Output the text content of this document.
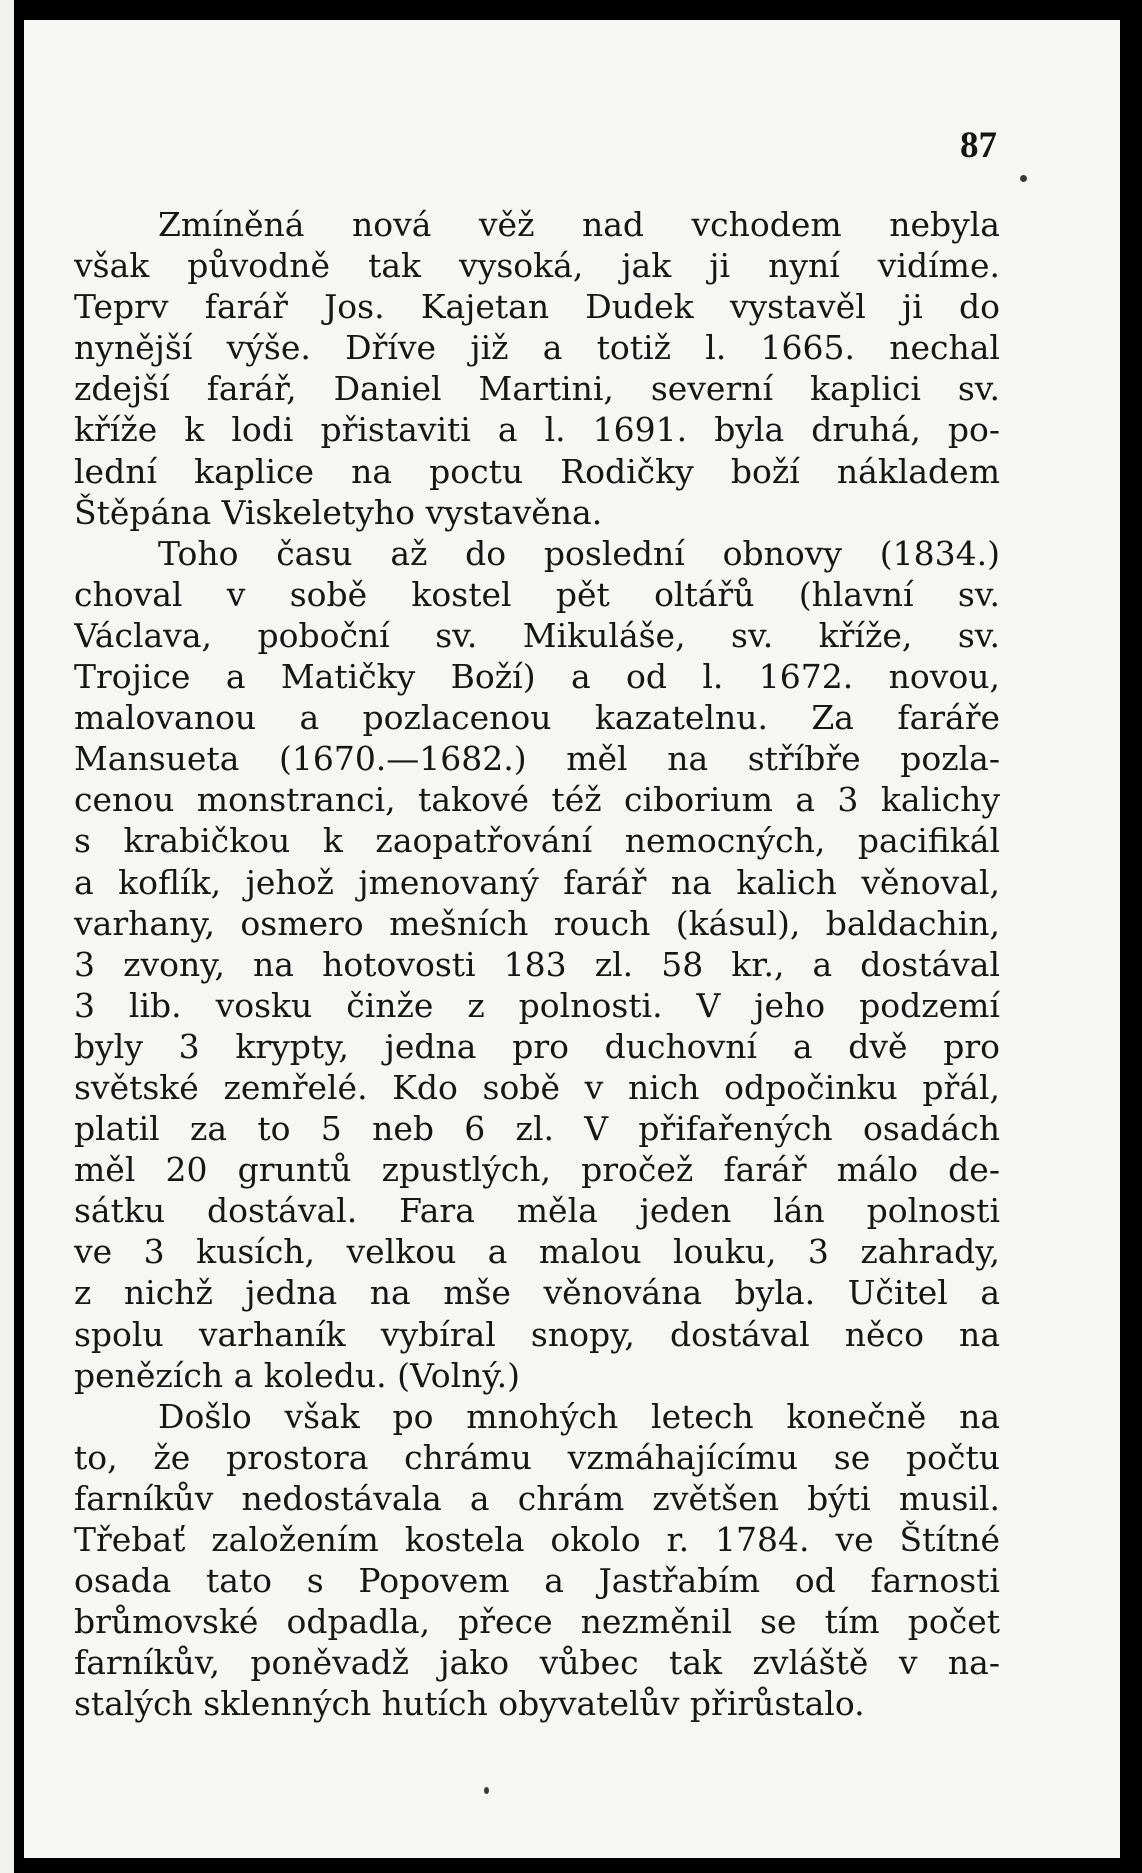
87
Zmíněná nová věž nad vchodem nebyla
však původně tak vysoká, jak ji nyní vidíme.
Teprv farář Jos. Kajetan Dudek vystavěl ji do
nynější výše. Dříve již a totiž l. 1665. nechal
zdejší farář, Daniel Martini, severní kaplici sv.
kříže k lodi přistaviti a l. 1691. byla druhá, po-
lední kaplice na poctu Rodičky boží nákladem
Štěpána Viskeletyho vystavěna.
Toho času až do poslední obnovy (1834.)
choval v sobě kostel pět oltářů (hlavní sv.
Václava, poboční sv. Mikuláše, sv. kříže, sv.
Trojice a Matičky Boží) a od l. 1672. novou,
malovanou a pozlacenou kazatelnu. Za faráře
Mansueta (1670.—1682.) měl na stříbře pozla-
cenou monstranci, takové též ciborium a 3 kalichy
s krabičkou k zaopatřování nemocných, pacifikál
a koflík, jehož jmenovaný farář na kalich věnoval,
varhany, osmero mešních rouch (kásul), baldachin,
3 zvony, na hotovosti 183 zl. 58 kr., a dostával
3 lib. vosku činže z polnosti. V jeho podzemí
byly 3 krypty, jedna pro duchovní a dvě pro
světské zemřelé. Kdo sobě v nich odpočinku přál,
platil za to 5 neb 6 zl. V přifařených osadách
měl 20 gruntů zpustlých, pročež farář málo de-
sátku dostával. Fara měla jeden lán polnosti
ve 3 kusích, velkou a malou louku, 3 zahrady,
z nichž jedna na mše věnována byla. Učitel a
spolu varhaník vybíral snopy, dostával něco na
penězích a koledu. (Volný.)
Došlo však po mnohých letech konečně na
to, že prostora chrámu vzmáhajícímu se počtu
farníkův nedostávala a chrám zvětšen býti musil.
Třebať založením kostela okolo r. 1784. ve Štítné
osada tato s Popovem a Jastřabím od farnosti
brůmovské odpadla, přece nezměnil se tím počet
farníkův, poněvadž jako vůbec tak zvláště v na-
stalých sklenných hutích obyvatelův přirůstalo.
